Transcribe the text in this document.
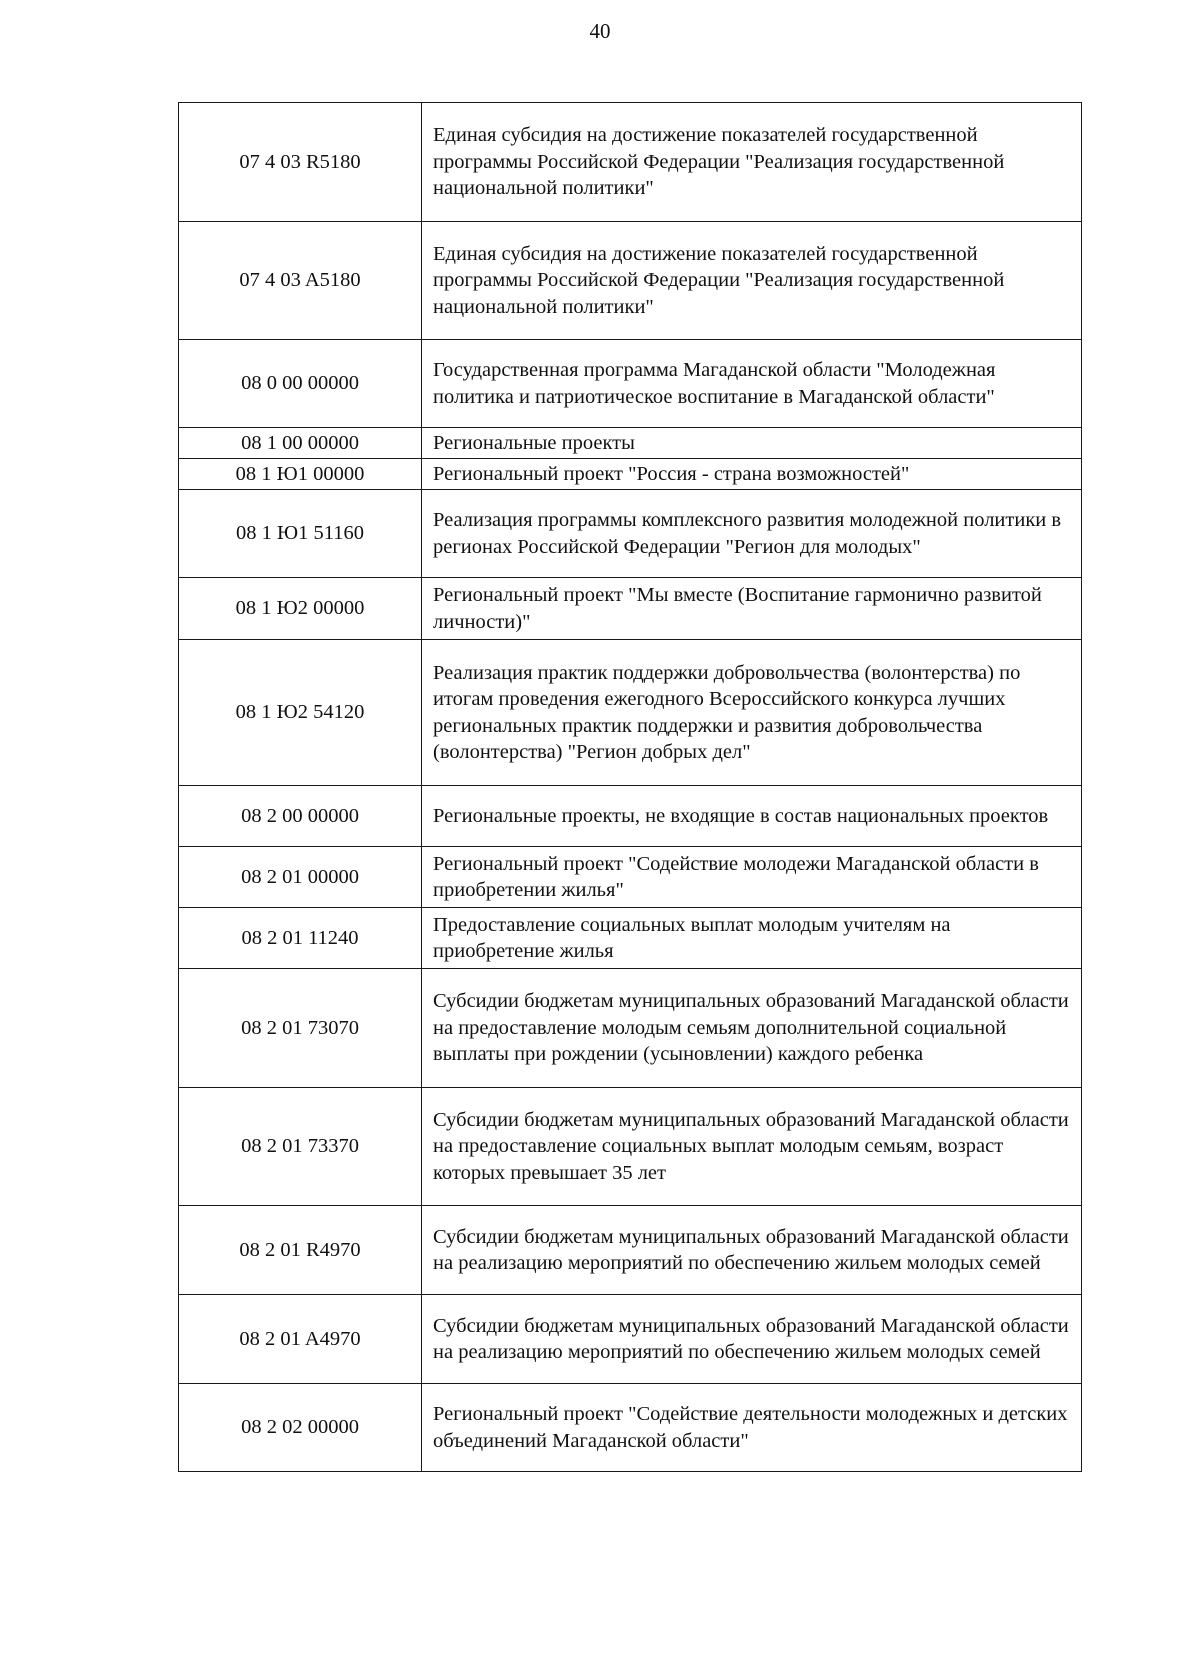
40
07 4 03 R5180	Единая субсидия на достижение показателей государственной программы Российской Федерации "Реализация государственной национальной политики"
07 4 03 A5180	Единая субсидия на достижение показателей государственной программы Российской Федерации "Реализация государственной национальной политики"
08 0 00 00000	Государственная программа Магаданской области "Молодежная политика и патриотическое воспитание в Магаданской области"
08 1 00 00000	Региональные проекты
08 1 Ю1 00000	Региональный проект "Россия - страна возможностей"
08 1 Ю1 51160	Реализация программы комплексного развития молодежной политики в регионах Российской Федерации "Регион для молодых"
08 1 Ю2 00000	Региональный проект "Мы вместе (Воспитание гармонично развитой личности)"
08 1 Ю2 54120	Реализация практик поддержки добровольчества (волонтерства) по итогам проведения ежегодного Всероссийского конкурса лучших региональных практик поддержки и развития добровольчества (волонтерства) "Регион добрых дел"
08 2 00 00000	Региональные проекты, не входящие в состав национальных проектов
08 2 01 00000	Региональный проект "Содействие молодежи Магаданской области в приобретении жилья"
08 2 01 11240	Предоставление социальных выплат молодым учителям на приобретение жилья
08 2 01 73070	Субсидии бюджетам муниципальных образований Магаданской области на предоставление молодым семьям дополнительной социальной выплаты при рождении (усыновлении) каждого ребенка
08 2 01 73370	Субсидии бюджетам муниципальных образований Магаданской области на предоставление социальных выплат молодым семьям, возраст которых превышает 35 лет
08 2 01 R4970	Субсидии бюджетам муниципальных образований Магаданской области на реализацию мероприятий по обеспечению жильем молодых семей
08 2 01 A4970	Субсидии бюджетам муниципальных образований Магаданской области на реализацию мероприятий по обеспечению жильем молодых семей
08 2 02 00000	Региональный проект "Содействие деятельности молодежных и детских объединений Магаданской области"
